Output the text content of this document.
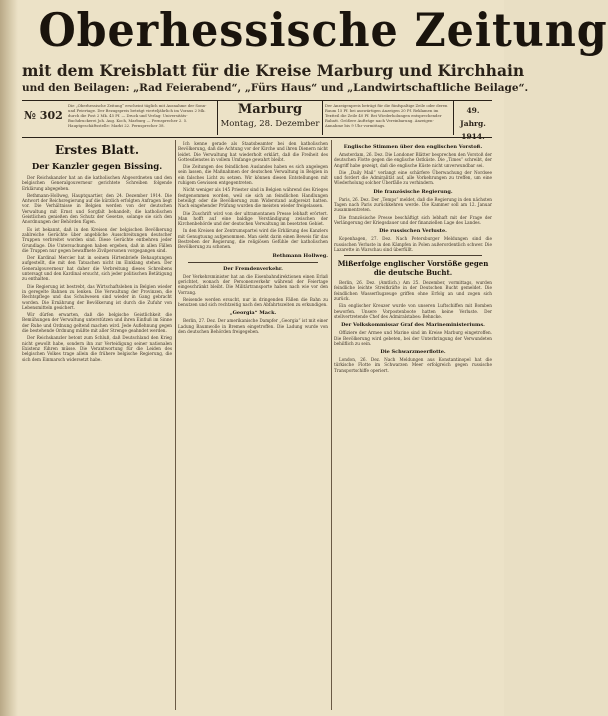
Oberhessische Zeitung
mit dem Kreisblatt für die Kreise Marburg und Kirchhain
und den Beilagen: „Rad Feierabend“, „Fürs Haus“ und „Landwirtschaftliche Beilage“.
№ 302
Die „Oberhessische Zeitung“ erscheint täglich mit Ausnahme der Sonn- und Feiertage. Der Bezugspreis beträgt vierteljährlich im Voraus 2 Mk. durch die Post 2 Mk. 45 Pf. — Druck und Verlag: Universitäts-Buchdruckerei Joh. Aug. Koch, Marburg — Fernsprecher 2. 5. Hauptgeschäftsstelle: Markt 22. Fernsprecher 38.
Marburg
Montag, 28. Dezember
Der Anzeigenpreis beträgt für die fünfspaltige Zeile oder deren Raum 15 Pf. bei auswärtigen Anzeigen 20 Pf. Reklamen im Textteil die Zeile 40 Pf. Bei Wiederholungen entsprechender Rabatt. Größere Aufträge nach Vereinbarung. Anzeigen-Annahme bis 9 Uhr vormittags.
49. Jahrg.
1914.
Erstes Blatt.
Der Kanzler gegen Bissing.

Der Reichskanzler hat an die katholischen Abgeordneten und den belgischen Generalgouverneur gerichtete Schreiben folgende Erklärung abgegeben.

Bethmann-Hollweg, Hauptquartier, den 24. Dezember 1914. Die Antwort der Reichsregierung auf die kürzlich erfolgten Anfragen liegt vor. Die Verhältnisse in Belgien werden von der deutschen Verwaltung mit Ernst und Sorgfalt behandelt; die katholischen Geistlichen genießen den Schutz der Gesetze, solange sie sich den Anordnungen der Behörden fügen.

Es ist bekannt, daß in den Kreisen der belgischen Bevölkerung zahlreiche Gerüchte über angebliche Ausschreitungen deutscher Truppen verbreitet worden sind. Diese Gerüchte entbehren jeder Grundlage. Die Untersuchungen haben ergeben, daß in allen Fällen die Truppen nur gegen bewaffnete Zivilpersonen vorgegangen sind.

Der Kardinal Mercier hat in seinem Hirtenbriefe Behauptungen aufgestellt, die mit den Tatsachen nicht im Einklang stehen. Der Generalgouverneur hat daher die Verbreitung dieses Schreibens untersagt und den Kardinal ersucht, sich jeder politischen Betätigung zu enthalten.

Die Regierung ist bestrebt, das Wirtschaftsleben in Belgien wieder in geregelte Bahnen zu lenken. Die Verwaltung der Provinzen, die Rechtspflege und das Schulwesen sind wieder in Gang gebracht worden. Die Ernährung der Bevölkerung ist durch die Zufuhr von Lebensmitteln gesichert.

Wir dürfen erwarten, daß die belgische Geistlichkeit die Bemühungen der Verwaltung unterstützen und ihren Einfluß im Sinne der Ruhe und Ordnung geltend machen wird. Jede Auflehnung gegen die bestehende Ordnung müßte mit aller Strenge geahndet werden.

Der Reichskanzler betont zum Schluß, daß Deutschland den Krieg nicht gewollt habe, sondern ihn zur Verteidigung seiner nationalen Existenz führen müsse. Die Verantwortung für die Leiden des belgischen Volkes trage allein die frühere belgische Regierung, die sich dem Einmarsch widersetzt habe.

Ich kenne gerade als Staatsbeamter bei den katholischen Bevölkerung, daß die Achtung vor der Kirche und ihren Dienern nicht leidet. Die Verwaltung hat wiederholt erklärt, daß die Freiheit des Gottesdienstes in vollem Umfange gewahrt bleibt.

Die Zeitungen des feindlichen Auslandes haben es sich angelegen sein lassen, die Maßnahmen der deutschen Verwaltung in Belgien in ein falsches Licht zu setzen. Wir können diesen Entstellungen mit ruhigem Gewissen entgegentreten.

Nicht weniger als 145 Priester sind in Belgien während des Krieges festgenommen worden, weil sie sich an feindlichen Handlungen beteiligt oder die Bevölkerung zum Widerstand aufgereizt hatten. Nach eingehender Prüfung wurden die meisten wieder freigelassen.

Die Zuschrift wird von der ultramontanen Presse lebhaft erörtert. Man hofft auf eine baldige Verständigung zwischen der Kirchenbehörde und der deutschen Verwaltung im besetzten Gebiet.

In den Kreisen der Zentrumspartei wird die Erklärung des Kanzlers mit Genugtuung aufgenommen. Man sieht darin einen Beweis für das Bestreben der Regierung, die religiösen Gefühle der katholischen Bevölkerung zu schonen.

Bethmann Hollweg.
Der Fremdenverkehr.

Der Verkehrsminister hat an die Eisenbahndirektionen einen Erlaß gerichtet, wonach der Personenverkehr während der Feiertage eingeschränkt bleibt. Die Militärtransporte haben nach wie vor den Vorrang.

Reisende werden ersucht, nur in dringenden Fällen die Bahn zu benutzen und sich rechtzeitig nach den Abfahrtszeiten zu erkundigen.

„Georgia“ Mack.

Berlin, 27. Dez. Der amerikanische Dampfer „Georgia“ ist mit einer Ladung Baumwolle in Bremen eingetroffen. Die Ladung wurde von den deutschen Behörden freigegeben.

Englische Stimmen über den englischen Vorstoß.

Amsterdam, 26. Dez. Die Londoner Blätter besprechen den Vorstoß der deutschen Flotte gegen die englische Ostküste. Die „Times“ schreibt, der Angriff habe gezeigt, daß die englische Küste nicht unverwundbar sei.

Die „Daily Mail“ verlangt eine schärfere Überwachung der Nordsee und fordert die Admiralität auf, alle Vorkehrungen zu treffen, um eine Wiederholung solcher Überfälle zu verhindern.

Die französische Regierung.

Paris, 26. Dez. Der „Temps“ meldet, daß die Regierung in den nächsten Tagen nach Paris zurückkehren werde. Die Kammer soll am 12. Januar zusammentreten.

Die französische Presse beschäftigt sich lebhaft mit der Frage der Verlängerung der Kriegsdauer und der finanziellen Lage des Landes.

Die russischen Verluste.

Kopenhagen, 27. Dez. Nach Petersburger Meldungen sind die russischen Verluste in den Kämpfen in Polen außerordentlich schwer. Die Lazarette in Warschau sind überfüllt.

Mißerfolge englischer Vorstöße gegen die deutsche Bucht.

Berlin, 26. Dez. (Amtlich.) Am 25. Dezember, vormittags, wurden feindliche leichte Streitkräfte in der Deutschen Bucht gemeldet. Die feindlichen Wasserflugzeuge griffen ohne Erfolg an und zogen sich zurück.

Ein englischer Kreuzer wurde von unseren Luftschiffen mit Bomben beworfen. Unsere Vorpostenboote hatten keine Verluste. Der stellvertretende Chef des Admiralstabes: Behncke.

Der Volkskommissar Graf des Marineministeriums.

Offiziere der Armee und Marine sind im Kreise Marburg eingetroffen. Die Bevölkerung wird gebeten, bei der Unterbringung der Verwundeten behilflich zu sein.

Die Schwarzmeerflotte.

London, 26. Dez. Nach Meldungen aus Konstantinopel hat die türkische Flotte im Schwarzen Meer erfolgreich gegen russische Transportschiffe operiert.
